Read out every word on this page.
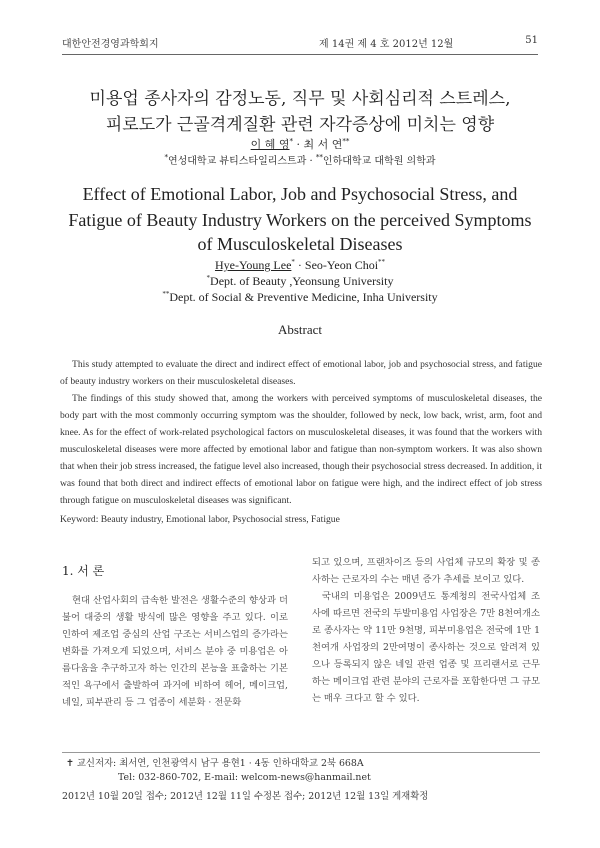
대한안전경영과학회지	제 14권 제 4 호 2012년 12월	51
미용업 종사자의 감정노동, 직무 및 사회심리적 스트레스,
피로도가 근골격계질환 관련 자각증상에 미치는 영향
이 혜 영* · 최 서 연**
*연성대학교 뷰티스타일리스트과 · **인하대학교 대학원 의학과
Effect of Emotional Labor, Job and Psychosocial Stress, and
Fatigue of Beauty Industry Workers on the perceived Symptoms
of Musculoskeletal Diseases
Hye-Young Lee* · Seo-Yeon Choi**
*Dept. of Beauty ,Yeonsung University
**Dept. of Social & Preventive Medicine, Inha University
Abstract

This study attempted to evaluate the direct and indirect effect of emotional labor, job and psychosocial stress, and fatigue of beauty industry workers on their musculoskeletal diseases.

The findings of this study showed that, among the workers with perceived symptoms of musculoskeletal diseases, the body part with the most commonly occurring symptom was the shoulder, followed by neck, low back, wrist, arm, foot and knee. As for the effect of work-related psychological factors on musculoskeletal diseases, it was found that the workers with musculoskeletal diseases were more affected by emotional labor and fatigue than non-symptom workers. It was also shown that when their job stress increased, the fatigue level also increased, though their psychosocial stress decreased. In addition, it was found that both direct and indirect effects of emotional labor on fatigue were high, and the indirect effect of job stress through fatigue on musculoskeletal diseases was significant.

Keyword: Beauty industry, Emotional labor, Psychosocial stress, Fatigue
1. 서 론

현대 산업사회의 급속한 발전은 생활수준의 향상과 더불어 대중의 생활 방식에 많은 영향을 주고 있다. 이로 인하여 제조업 중심의 산업 구조는 서비스업의 증가라는 변화를 가져오게 되었으며, 서비스 분야 중 미용업은 아름다움을 추구하고자 하는 인간의 본능을 표출하는 기본적인 욕구에서 출발하여 과거에 비하여 헤어, 메이크업, 네일, 피부관리 등 그 업종이 세분화 · 전문화

되고 있으며, 프랜차이즈 등의 사업체 규모의 확장 및 종사하는 근로자의 수는 매년 증가 추세를 보이고 있다.

국내의 미용업은 2009년도 통계청의 전국사업체 조사에 따르면 전국의 두발미용업 사업장은 7만 8천여개소로 종사자는 약 11만 9천명, 피부미용업은 전국에 1만 1천여개 사업장의 2만여명이 종사하는 것으로 알려져 있으나 등록되지 않은 네일 관련 업종 및 프리랜서로 근무하는 메이크업 관련 분야의 근로자를 포함한다면 그 규모는 매우 크다고 할 수 있다.

✝ 교신저자: 최서연, 인천광역시 남구 용현1 · 4동 인하대학교 2북 668A
Tel: 032-860-702, E-mail: welcom-news@hanmail.net
2012년 10월 20일 접수; 2012년 12월 11일 수정본 접수; 2012년 12월 13일 게재확정
